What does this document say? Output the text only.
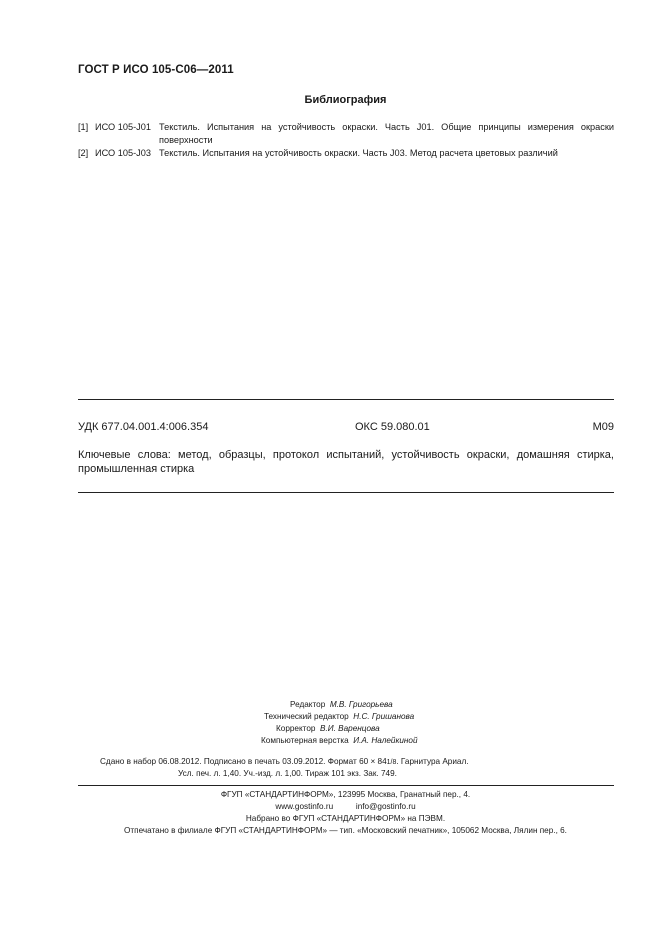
ГОСТ Р ИСО 105-С06—2011
Библиография
[1] ИСО 105-J01 Текстиль. Испытания на устойчивость окраски. Часть J01. Общие принципы измерения окраски поверхности
[2] ИСО 105-J03 Текстиль. Испытания на устойчивость окраски. Часть J03. Метод расчета цветовых различий
УДК 677.04.001.4:006.354	ОКС 59.080.01	М09
Ключевые слова: метод, образцы, протокол испытаний, устойчивость окраски, домашняя стирка, промышленная стирка
Редактор М.В. Григорьева
Технический редактор Н.С. Гришанова
Корректор В.И. Варенцова
Компьютерная верстка И.А. Налейкиной
Сдано в набор 06.08.2012. Подписано в печать 03.09.2012. Формат 60 × 841/8. Гарнитура Ариал.
Усл. печ. л. 1,40. Уч.-изд. л. 1,00. Тираж 101 экз. Зак. 749.
ФГУП «СТАНДАРТИНФОРМ», 123995 Москва, Гранатный пер., 4.
www.gostinfo.ru	info@gostinfo.ru
Набрано во ФГУП «СТАНДАРТИНФОРМ» на ПЭВМ.
Отпечатано в филиале ФГУП «СТАНДАРТИНФОРМ» — тип. «Московский печатник», 105062 Москва, Лялин пер., 6.
